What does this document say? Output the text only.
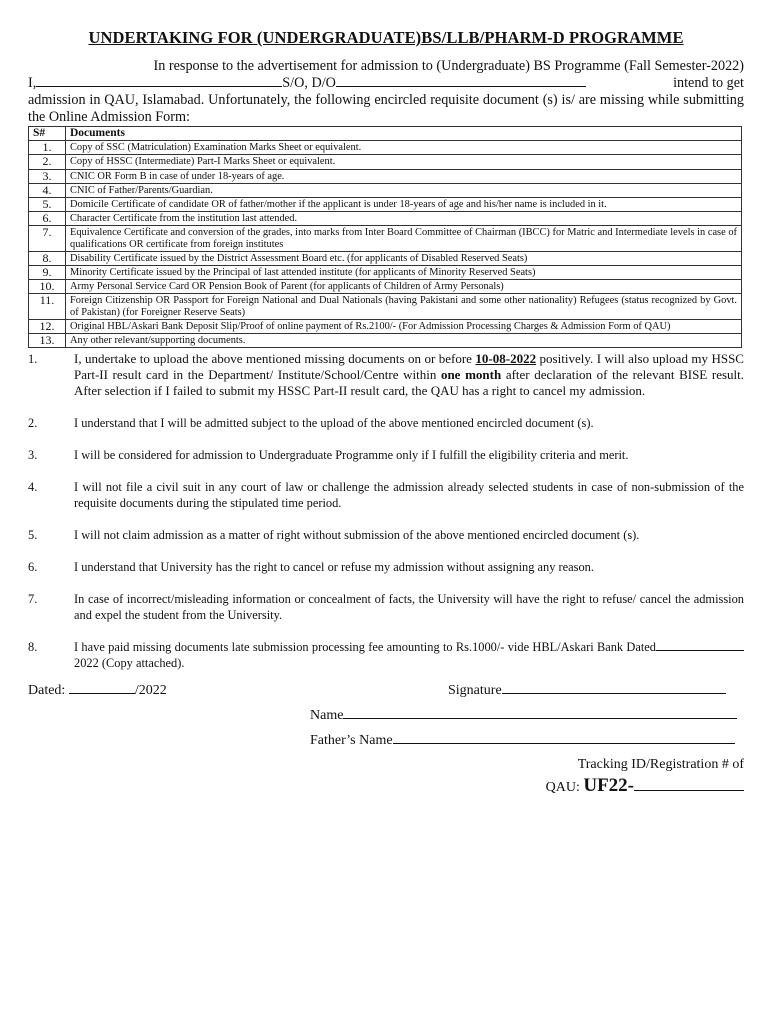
UNDERTAKING FOR (UNDERGRADUATE)BS/LLB/PHARM-D PROGRAMME
In response to the advertisement for admission to (Undergraduate) BS Programme (Fall Semester-2022)
I,	S/O, D/O	intend to get
admission in QAU, Islamabad. Unfortunately, the following encircled requisite document (s) is/ are missing while submitting the Online Admission Form:
S#	Documents
1.	Copy of SSC (Matriculation) Examination Marks Sheet or equivalent.
2.	Copy of HSSC (Intermediate) Part-I Marks Sheet or equivalent.
3.	CNIC OR Form B in case of under 18-years of age.
4.	CNIC of Father/Parents/Guardian.
5.	Domicile Certificate of candidate OR of father/mother if the applicant is under 18-years of age and his/her name is included in it.
6.	Character Certificate from the institution last attended.
7.	Equivalence Certificate and conversion of the grades, into marks from Inter Board Committee of Chairman (IBCC) for Matric and Intermediate levels in case of qualifications OR certificate from foreign institutes
8.	Disability Certificate issued by the District Assessment Board etc. (for applicants of Disabled Reserved Seats)
9.	Minority Certificate issued by the Principal of last attended institute (for applicants of Minority Reserved Seats)
10.	Army Personal Service Card OR Pension Book of Parent (for applicants of Children of Army Personals)
11.	Foreign Citizenship OR Passport for Foreign National and Dual Nationals (having Pakistani and some other nationality) Refugees (status recognized by Govt. of Pakistan) (for Foreigner Reserve Seats)
12.	Original HBL/Askari Bank Deposit Slip/Proof of online payment of Rs.2100/- (For Admission Processing Charges & Admission Form of QAU)
13.	Any other relevant/supporting documents.
1.	I, undertake to upload the above mentioned missing documents on or before 10-08-2022 positively. I will also upload my HSSC Part-II result card in the Department/ Institute/School/Centre within one month after declaration of the relevant BISE result. After selection if I failed to submit my HSSC Part-II result card, the QAU has a right to cancel my admission.
2.	I understand that I will be admitted subject to the upload of the above mentioned encircled document (s).
3.	I will be considered for admission to Undergraduate Programme only if I fulfill the eligibility criteria and merit.
4.	I will not file a civil suit in any court of law or challenge the admission already selected students in case of non-submission of the requisite documents during the stipulated time period.
5.	I will not claim admission as a matter of right without submission of the above mentioned encircled document (s).
6.	I understand that University has the right to cancel or refuse my admission without assigning any reason.
7.	In case of incorrect/misleading information or concealment of facts, the University will have the right to refuse/ cancel the admission and expel the student from the University.
8.	I have paid missing documents late submission processing fee amounting to Rs.1000/- vide HBL/Askari Bank Dated2022 (Copy attached).
Dated:	/2022	Signature
Name
Father’s Name
Tracking ID/Registration # of
QAU: UF22-
